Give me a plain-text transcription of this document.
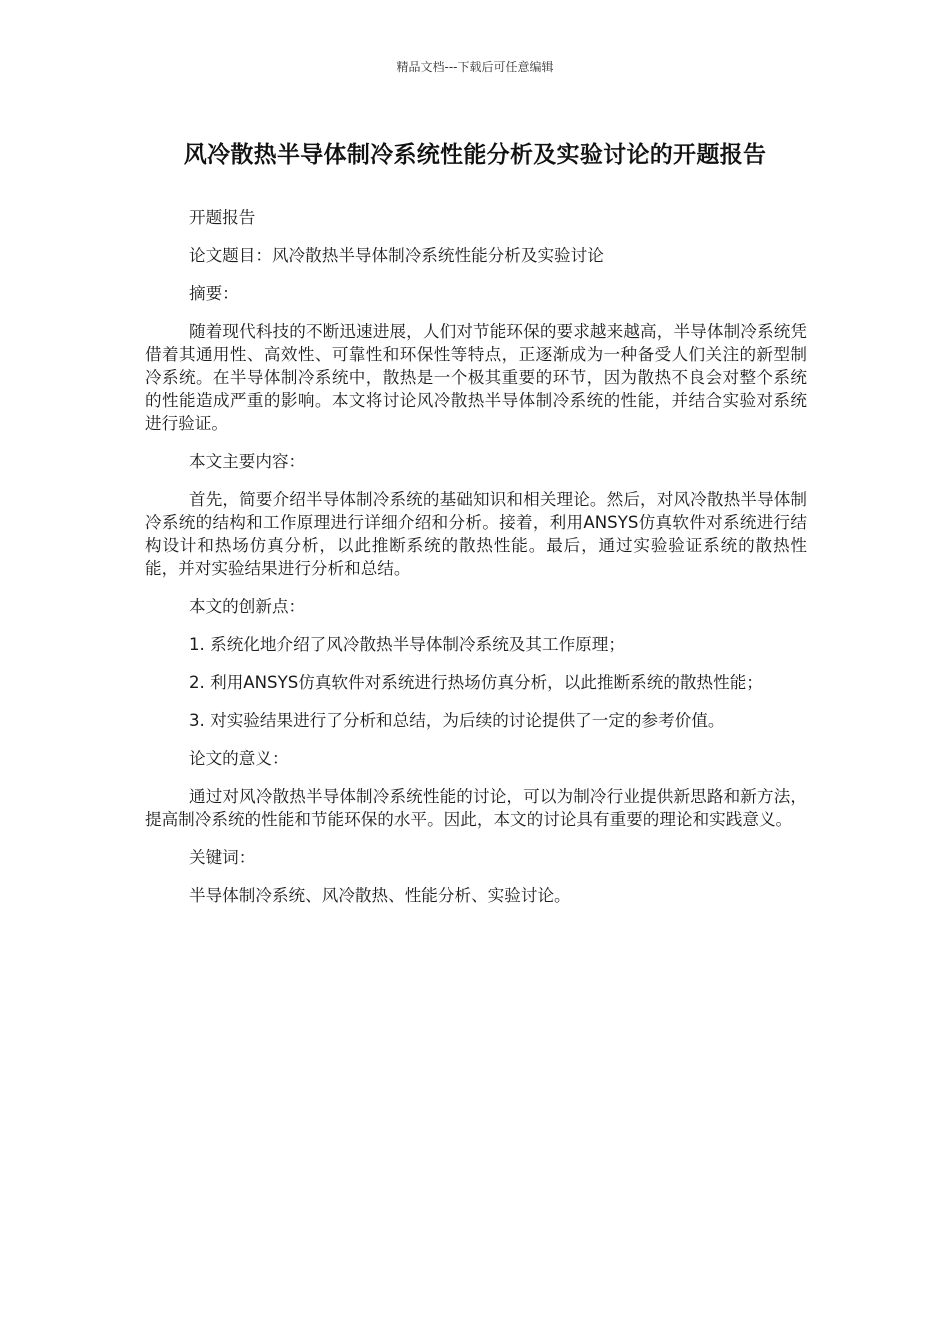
精品文档---下载后可任意编辑
风冷散热半导体制冷系统性能分析及实验讨论的开题报告

开题报告

论文题目：风冷散热半导体制冷系统性能分析及实验讨论

摘要：

随着现代科技的不断迅速进展，人们对节能环保的要求越来越高，半导体制冷系统凭借着其通用性、高效性、可靠性和环保性等特点，正逐渐成为一种备受人们关注的新型制冷系统。在半导体制冷系统中，散热是一个极其重要的环节，因为散热不良会对整个系统的性能造成严重的影响。本文将讨论风冷散热半导体制冷系统的性能，并结合实验对系统进行验证。

本文主要内容：

首先，简要介绍半导体制冷系统的基础知识和相关理论。然后，对风冷散热半导体制冷系统的结构和工作原理进行详细介绍和分析。接着，利用ANSYS仿真软件对系统进行结构设计和热场仿真分析，以此推断系统的散热性能。最后，通过实验验证系统的散热性能，并对实验结果进行分析和总结。

本文的创新点：

1. 系统化地介绍了风冷散热半导体制冷系统及其工作原理；

2. 利用ANSYS仿真软件对系统进行热场仿真分析，以此推断系统的散热性能；

3. 对实验结果进行了分析和总结，为后续的讨论提供了一定的参考价值。

论文的意义：

通过对风冷散热半导体制冷系统性能的讨论，可以为制冷行业提供新思路和新方法，提高制冷系统的性能和节能环保的水平。因此，本文的讨论具有重要的理论和实践意义。

关键词：

半导体制冷系统、风冷散热、性能分析、实验讨论。
